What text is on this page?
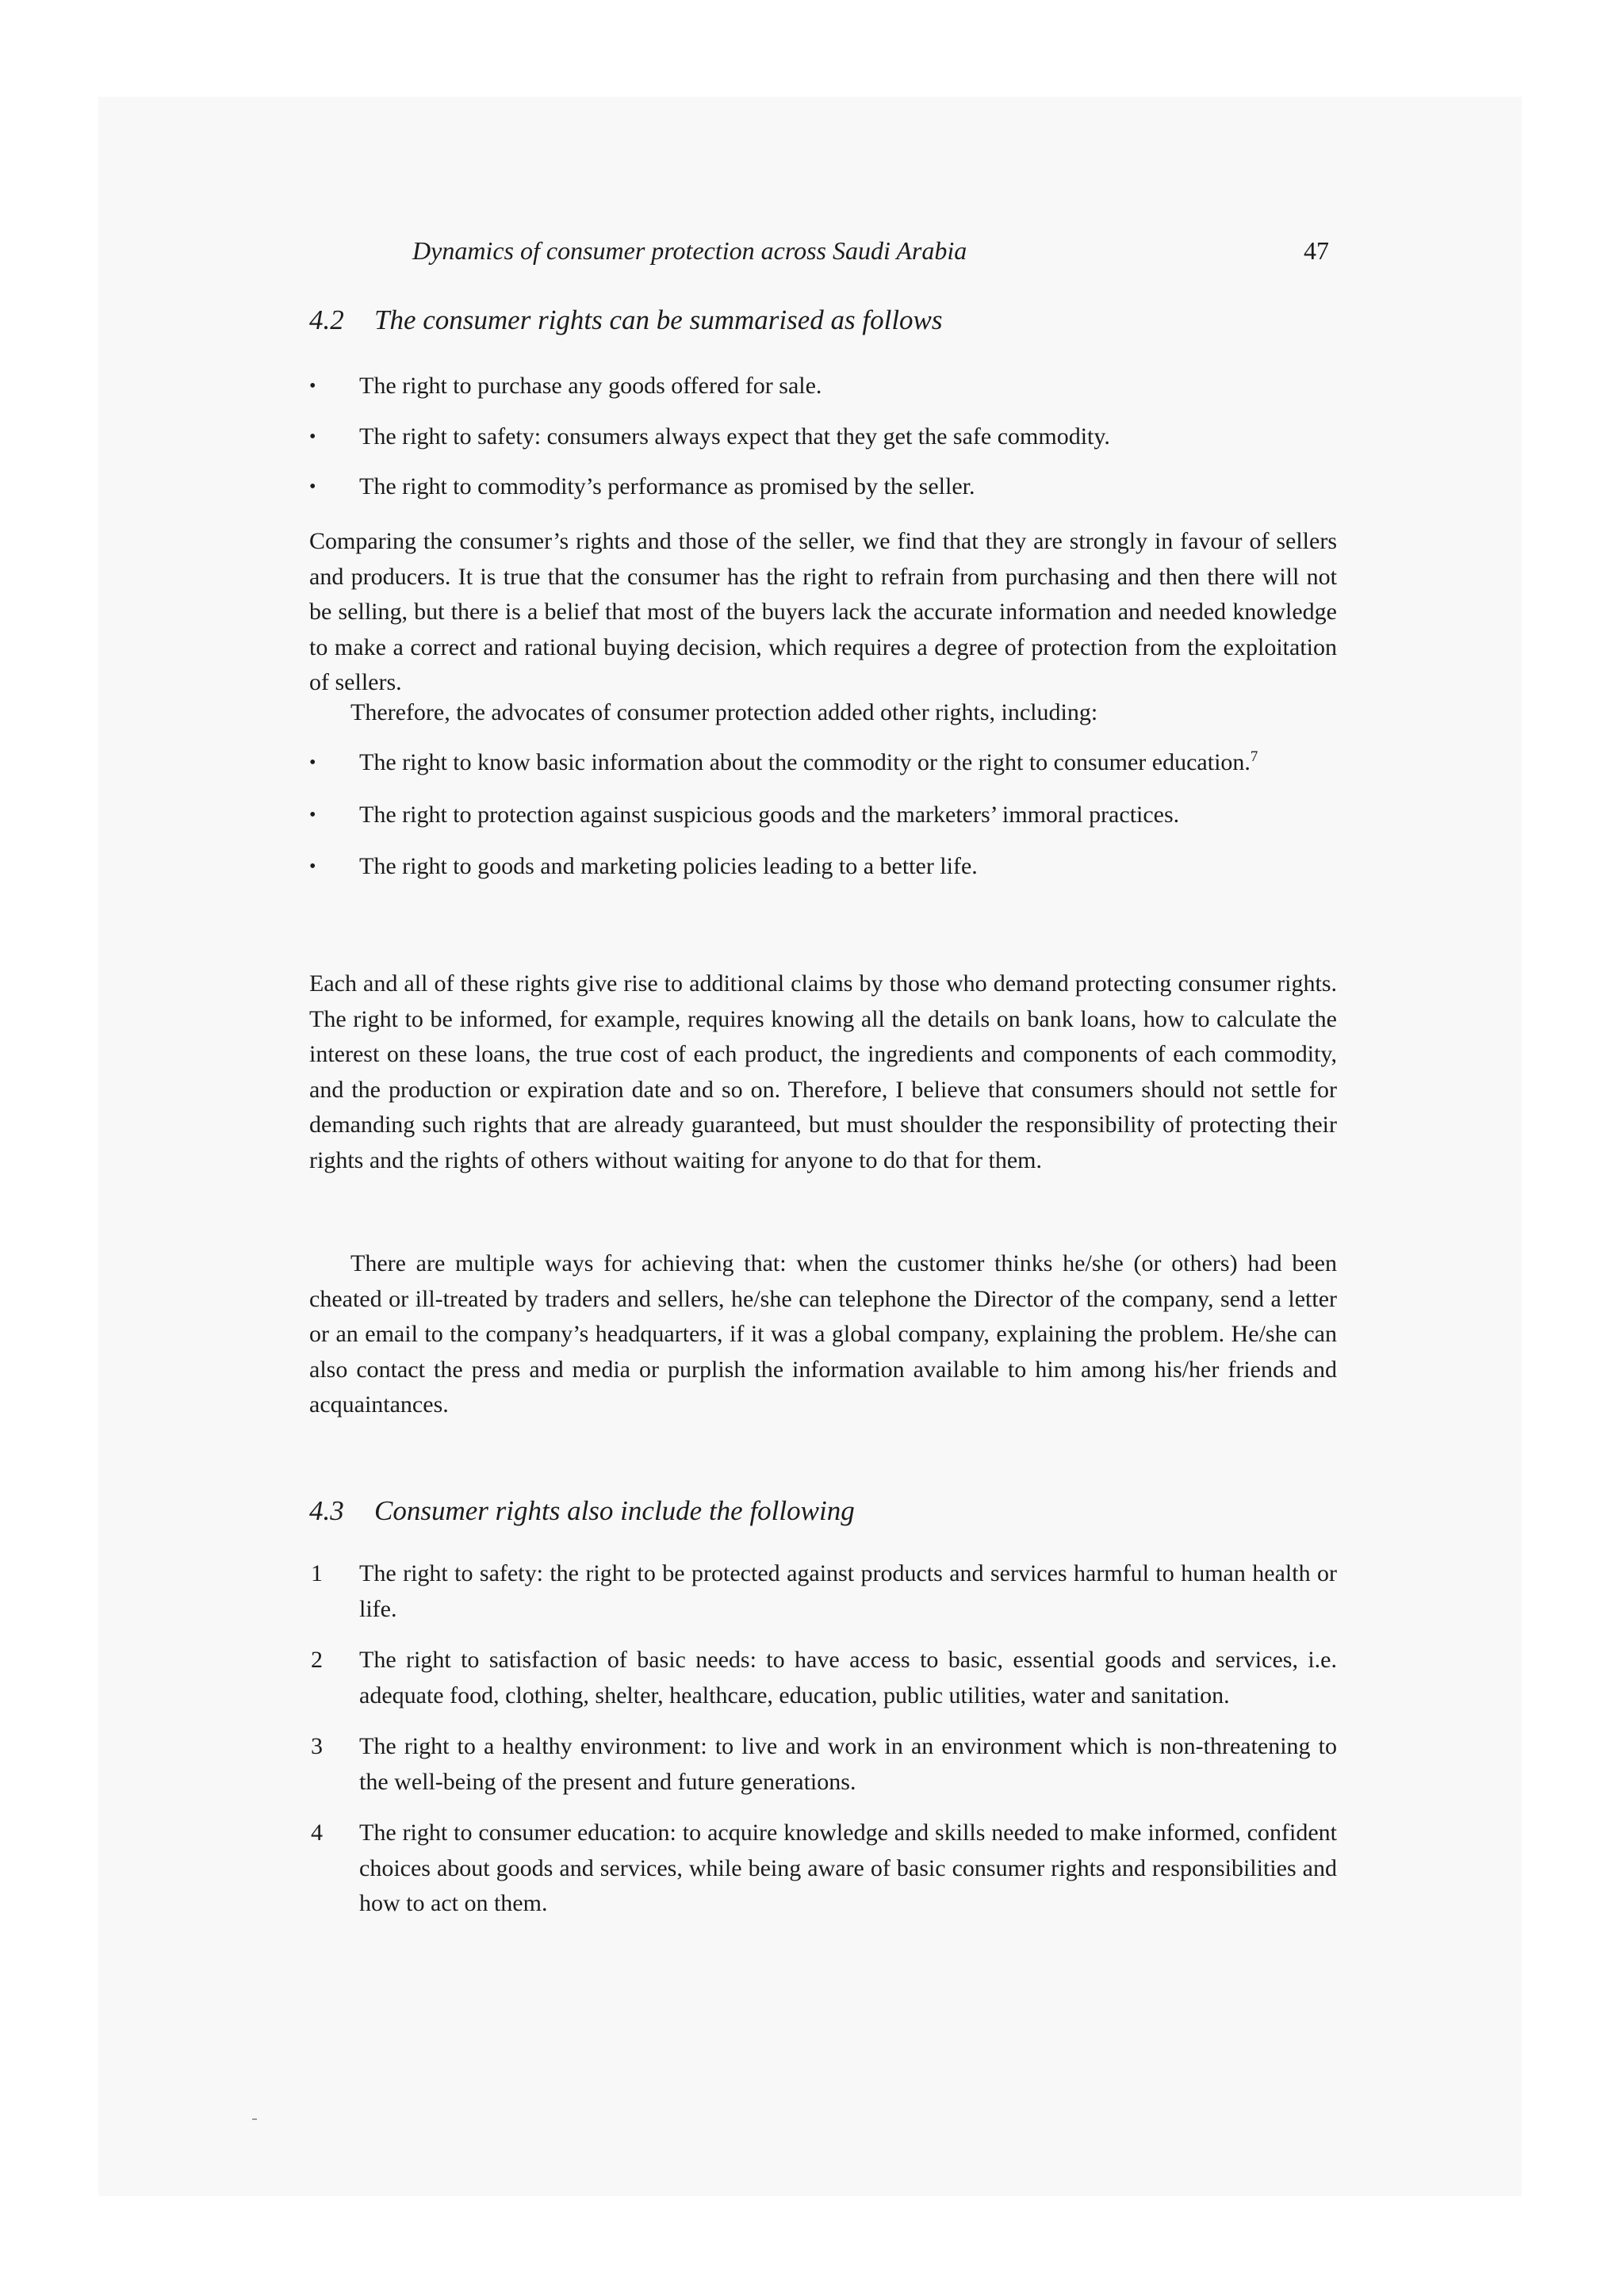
Dynamics of consumer protection across Saudi Arabia	47
4.2 The consumer rights can be summarised as follows
•	The right to purchase any goods offered for sale.
•	The right to safety: consumers always expect that they get the safe commodity.
•	The right to commodity’s performance as promised by the seller.

Comparing the consumer’s rights and those of the seller, we find that they are strongly in favour of sellers and producers. It is true that the consumer has the right to refrain from purchasing and then there will not be selling, but there is a belief that most of the buyers lack the accurate information and needed knowledge to make a correct and rational buying decision, which requires a degree of protection from the exploitation of sellers.

Therefore, the advocates of consumer protection added other rights, including:

•	The right to know basic information about the commodity or the right to consumer education.$^7$
•	The right to protection against suspicious goods and the marketers’ immoral practices.
•	The right to goods and marketing policies leading to a better life.

Each and all of these rights give rise to additional claims by those who demand protecting consumer rights. The right to be informed, for example, requires knowing all the details on bank loans, how to calculate the interest on these loans, the true cost of each product, the ingredients and components of each commodity, and the production or expiration date and so on. Therefore, I believe that consumers should not settle for demanding such rights that are already guaranteed, but must shoulder the responsibility of protecting their rights and the rights of others without waiting for anyone to do that for them.

There are multiple ways for achieving that: when the customer thinks he/she (or others) had been cheated or ill-treated by traders and sellers, he/she can telephone the Director of the company, send a letter or an email to the company’s headquarters, if it was a global company, explaining the problem. He/she can also contact the press and media or purplish the information available to him among his/her friends and acquaintances.

4.3 Consumer rights also include the following
1	The right to safety: the right to be protected against products and services harmful to human health or life.
2	The right to satisfaction of basic needs: to have access to basic, essential goods and services, i.e. adequate food, clothing, shelter, healthcare, education, public utilities, water and sanitation.
3	The right to a healthy environment: to live and work in an environment which is non-threatening to the well-being of the present and future generations.
4	The right to consumer education: to acquire knowledge and skills needed to make informed, confident choices about goods and services, while being aware of basic consumer rights and responsibilities and how to act on them.
